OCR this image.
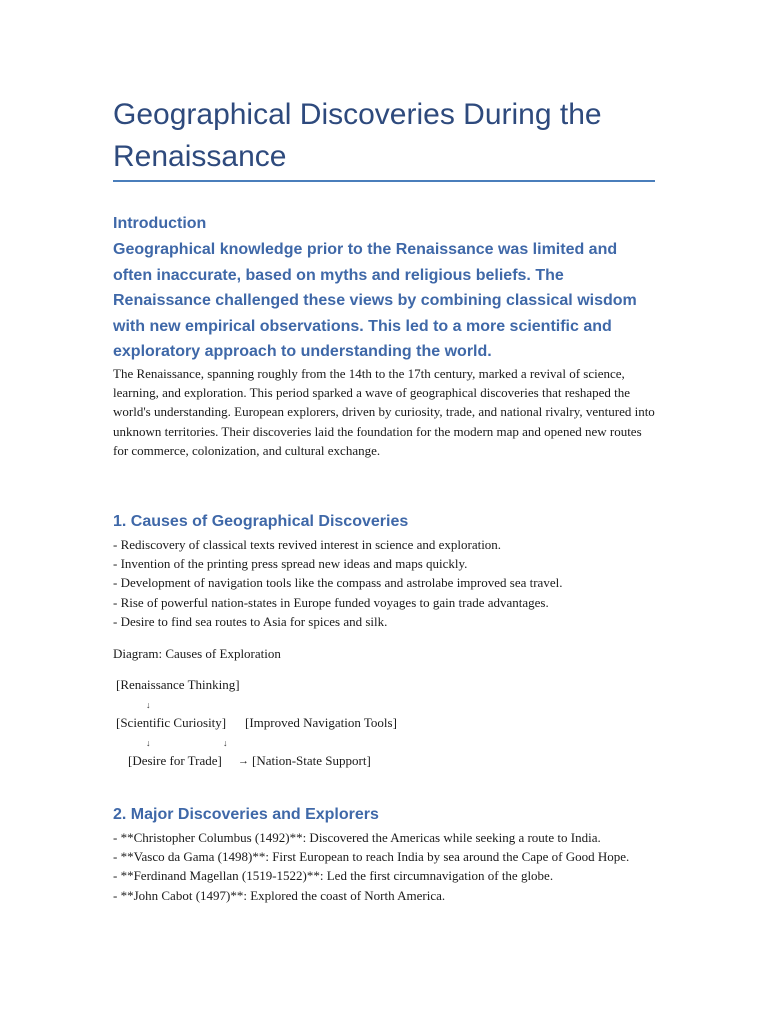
Geographical Discoveries During the Renaissance
Introduction

Geographical knowledge prior to the Renaissance was limited and often inaccurate, based on myths and religious beliefs. The Renaissance challenged these views by combining classical wisdom with new empirical observations. This led to a more scientific and exploratory approach to understanding the world.

The Renaissance, spanning roughly from the 14th to the 17th century, marked a revival of science, learning, and exploration. This period sparked a wave of geographical discoveries that reshaped the world's understanding. European explorers, driven by curiosity, trade, and national rivalry, ventured into unknown territories. Their discoveries laid the foundation for the modern map and opened new routes for commerce, colonization, and cultural exchange.

1. Causes of Geographical Discoveries
- Rediscovery of classical texts revived interest in science and exploration.
- Invention of the printing press spread new ideas and maps quickly.
- Development of navigation tools like the compass and astrolabe improved sea travel.
- Rise of powerful nation-states in Europe funded voyages to gain trade advantages.
- Desire to find sea routes to Asia for spices and silk.

Diagram: Causes of Exploration

[Renaissance Thinking]
↓
[Scientific Curiosity] [Improved Navigation Tools]
↓	↓
[Desire for Trade] → [Nation-State Support]
2. Major Discoveries and Explorers
- **Christopher Columbus (1492)**: Discovered the Americas while seeking a route to India.
- **Vasco da Gama (1498)**: First European to reach India by sea around the Cape of Good Hope.
- **Ferdinand Magellan (1519-1522)**: Led the first circumnavigation of the globe.
- **John Cabot (1497)**: Explored the coast of North America.
